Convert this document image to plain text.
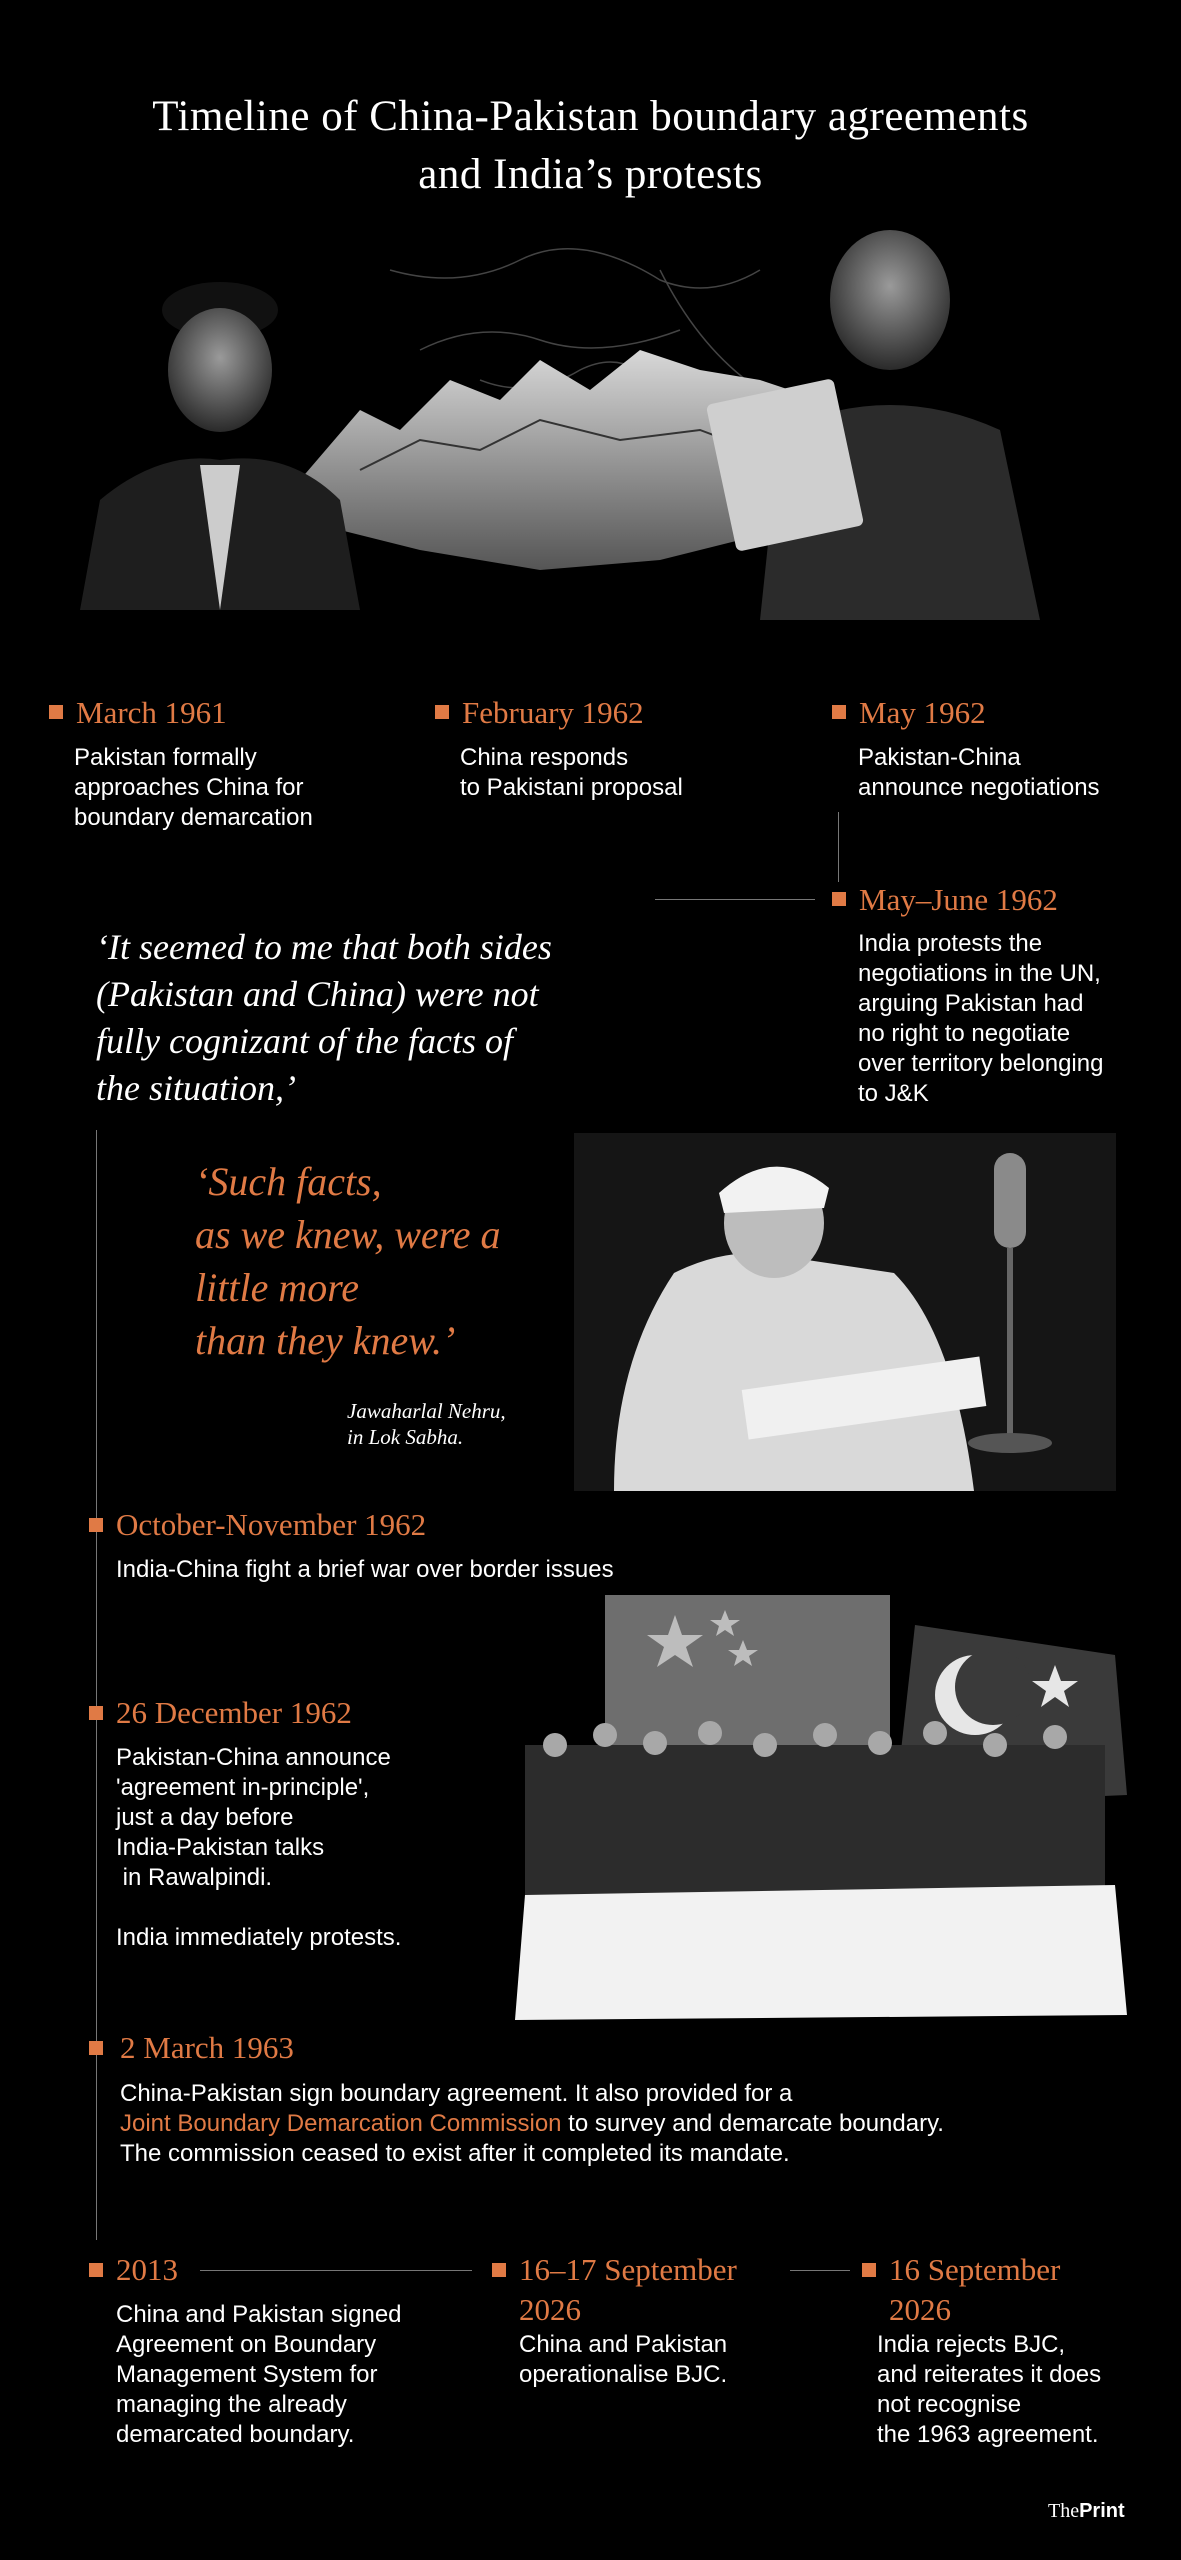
Timeline of China-Pakistan boundary agreements
and India’s protests
March 1961
Pakistan formally
approaches China for
boundary demarcation
February 1962
China responds
to Pakistani proposal
May 1962
Pakistan-China
announce negotiations
May–June 1962
India protests the
negotiations in the UN,
arguing Pakistan had
no right to negotiate
over territory belonging
to J&K
‘It seemed to me that both sides
(Pakistan and China) were not
fully cognizant of the facts of
the situation,’
‘Such facts,
as we knew, were a
little more
than they knew.’
Jawaharlal Nehru,
in Lok Sabha.
October-November 1962
India-China fight a brief war over border issues
26 December 1962
Pakistan-China announce
'agreement in-principle',
just a day before
India-Pakistan talks
in Rawalpindi.
India immediately protests.
2 March 1963
China-Pakistan sign boundary agreement. It also provided for a
Joint Boundary Demarcation Commission to survey and demarcate boundary.
The commission ceased to exist after it completed its mandate.
2013
China and Pakistan signed
Agreement on Boundary
Management System for
managing the already
demarcated boundary.
16–17 September
2026
China and Pakistan
operationalise BJC.
16 September
2026
India rejects BJC,
and reiterates it does
not recognise
the 1963 agreement.
ThePrint
